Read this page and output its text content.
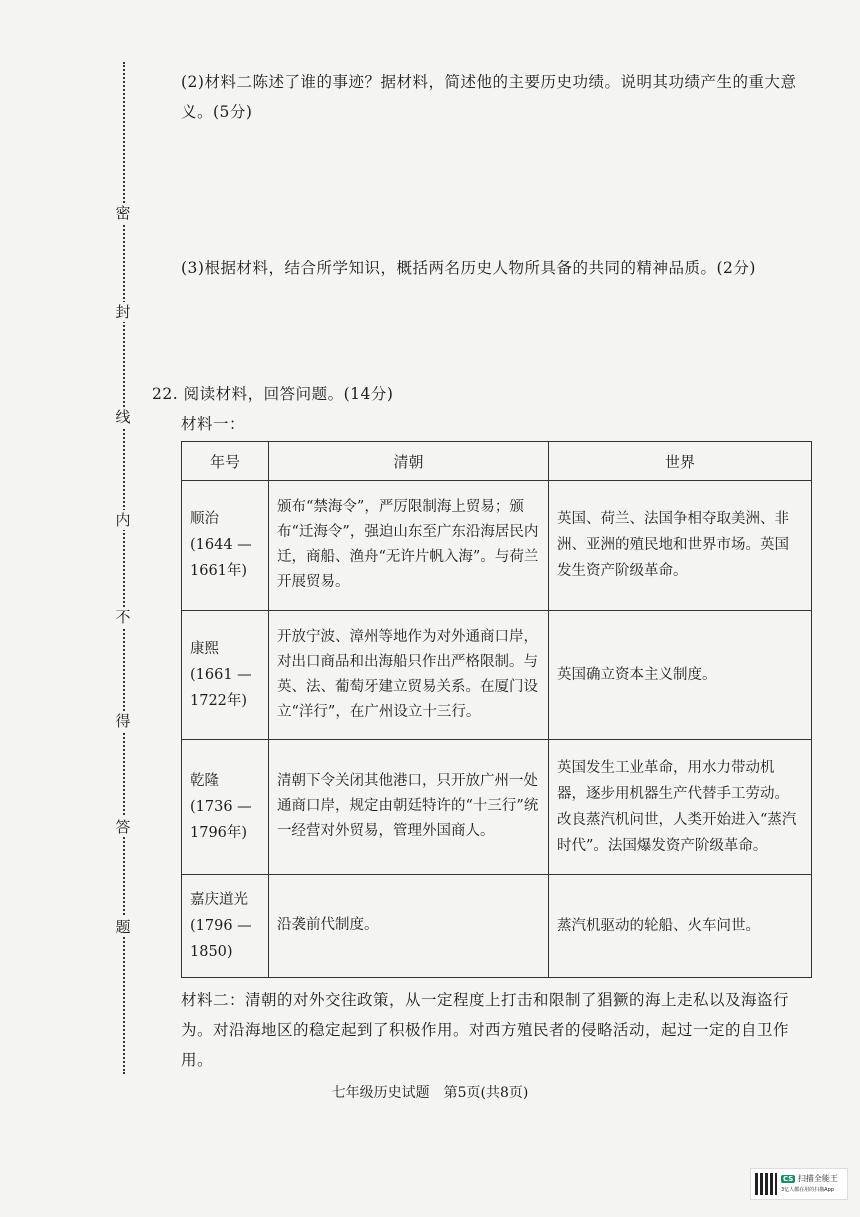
密
封
线
内
不
得
答
题
(2)材料二陈述了谁的事迹？据材料，简述他的主要历史功绩。说明其功绩产生的重大意义。(5分)
(3)根据材料，结合所学知识，概括两名历史人物所具备的共同的精神品质。(2分)
22. 阅读材料，回答问题。(14分)
材料一：
年号	清朝	世界

顺治
(1644 — 1661年)	颁布“禁海令”，严厉限制海上贸易；颁布“迁海令”，强迫山东至广东沿海居民内迁，商船、渔舟“无许片帆入海”。与荷兰开展贸易。	英国、荷兰、法国争相夺取美洲、非洲、亚洲的殖民地和世界市场。英国发生资产阶级革命。

康熙
(1661 — 1722年)	开放宁波、漳州等地作为对外通商口岸，对出口商品和出海船只作出严格限制。与英、法、葡萄牙建立贸易关系。在厦门设立“洋行”，在广州设立十三行。	英国确立资本主义制度。

乾隆
(1736 — 1796年)	清朝下令关闭其他港口，只开放广州一处通商口岸，规定由朝廷特许的“十三行”统一经营对外贸易，管理外国商人。	英国发生工业革命，用水力带动机器，逐步用机器生产代替手工劳动。改良蒸汽机问世，人类开始进入“蒸汽时代”。法国爆发资产阶级革命。

嘉庆道光
(1796 — 1850)	沿袭前代制度。	蒸汽机驱动的轮船、火车问世。
材料二：清朝的对外交往政策，从一定程度上打击和限制了猖獗的海上走私以及海盗行为。对沿海地区的稳定起到了积极作用。对西方殖民者的侵略活动，起过一定的自卫作用。
七年级历史试题　第5页(共8页)
CS 扫描全能王
3亿人都在用的扫描App
